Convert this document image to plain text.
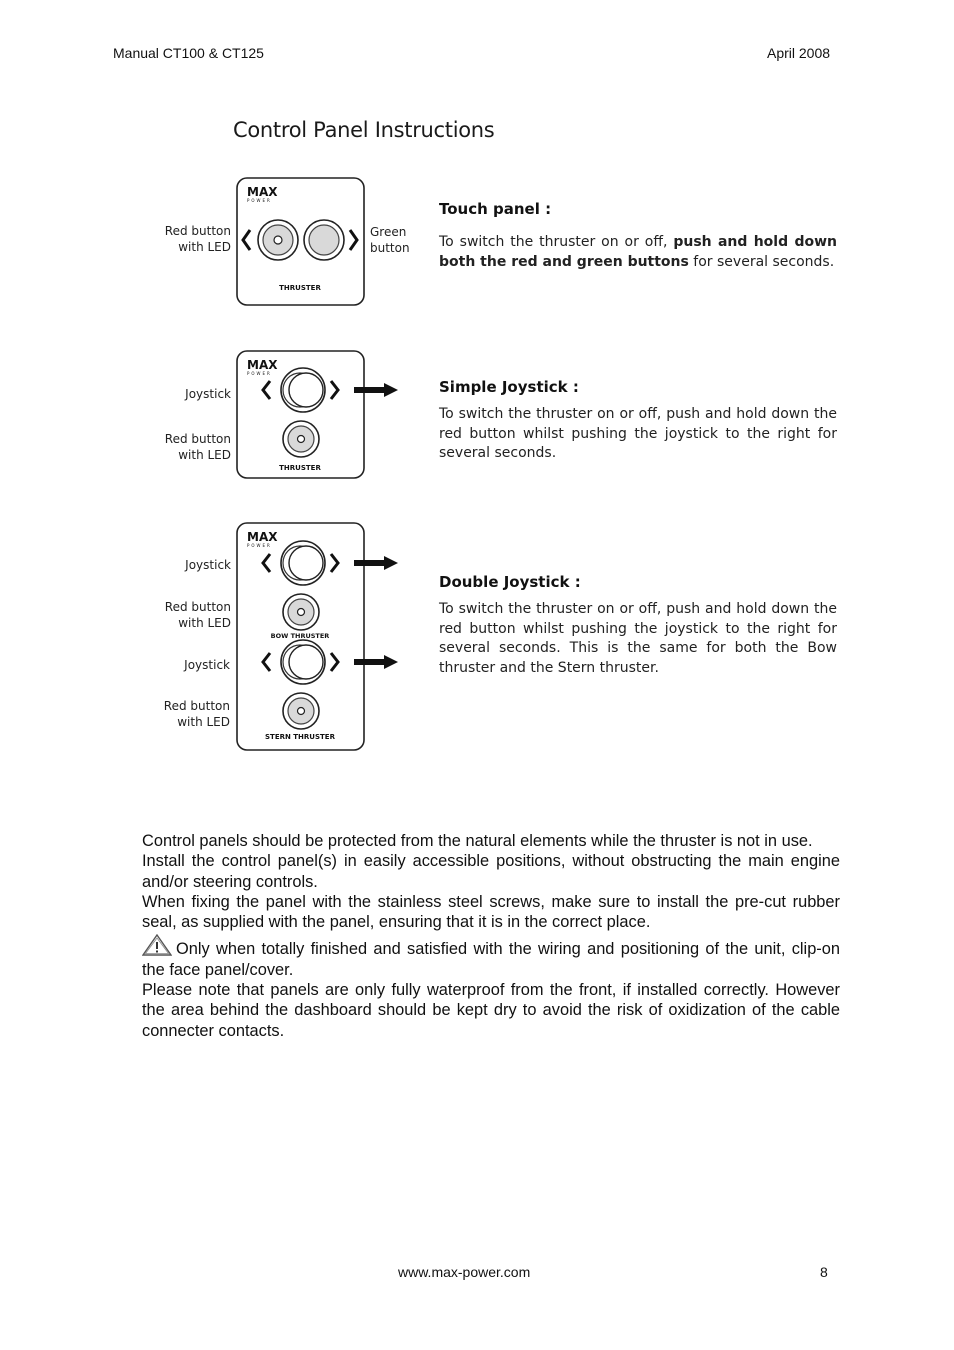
Manual CT100 & CT125	April 2008
Control Panel Instructions
Red button
with LED
Green
button
MAX
POWER
THRUSTER
Touch panel :
To switch the thruster on or off, push and hold down both the red and green buttons for several seconds.
Joystick
Red button
with LED
MAX
POWER
THRUSTER
Simple Joystick :
To switch the thruster on or off, push and hold down the red button whilst pushing the joystick to the right for several seconds.
Joystick
Red button
with LED
Joystick
Red button
with LED
MAX
POWER
BOW THRUSTER
STERN THRUSTER
Double Joystick :
To switch the thruster on or off, push and hold down the red button whilst pushing the joystick to the right for several seconds. This is the same for both the Bow thruster and the Stern thruster.
Control panels should be protected from the natural elements while the thruster is not in use.
Install the control panel(s) in easily accessible positions, without obstructing the main engine and/or steering controls.
When fixing the panel with the stainless steel screws, make sure to install the pre-cut rubber seal, as supplied with the panel, ensuring that it is in the correct place.
Only when totally finished and satisfied with the wiring and positioning of the unit, clip-on the face panel/cover.
Please note that panels are only fully waterproof from the front, if installed correctly. However the area behind the dashboard should be kept dry to avoid the risk of oxidization of the cable connecter contacts.
www.max-power.com	8
